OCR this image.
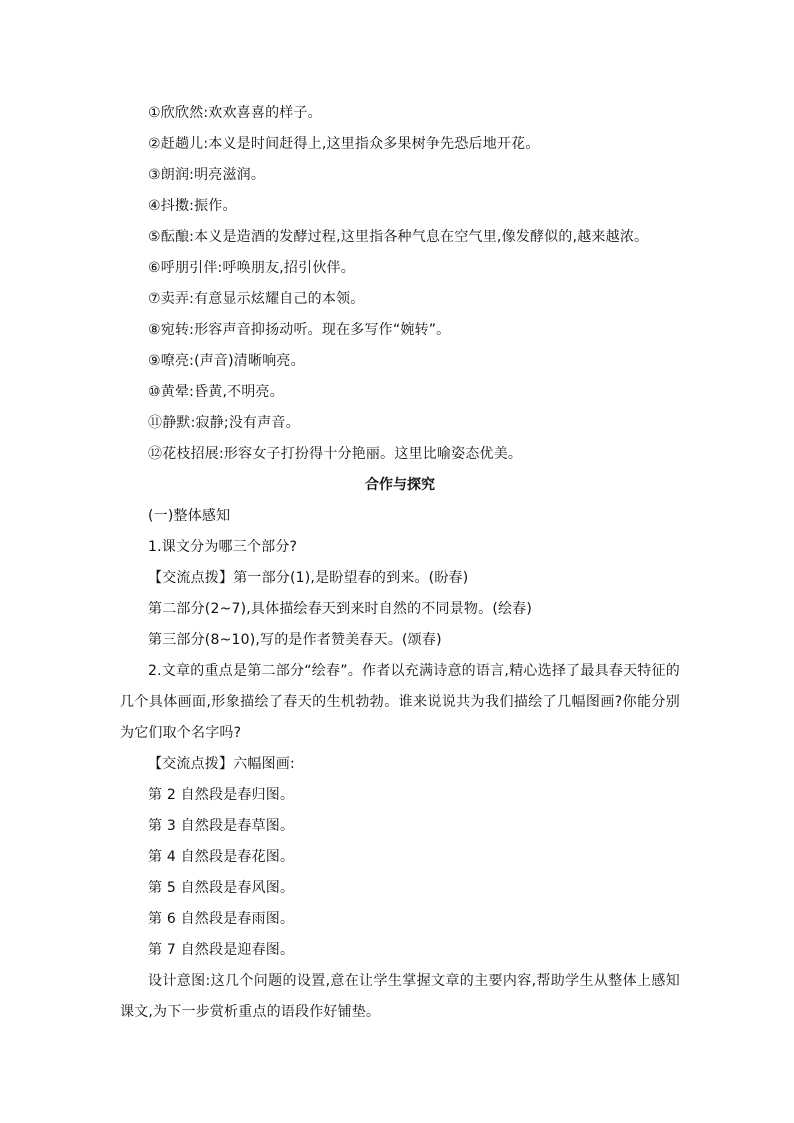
①欣欣然:欢欢喜喜的样子。
②赶趟儿:本义是时间赶得上,这里指众多果树争先恐后地开花。
③朗润:明亮滋润。
④抖擞:振作。
⑤酝酿:本义是造酒的发酵过程,这里指各种气息在空气里,像发酵似的,越来越浓。
⑥呼朋引伴:呼唤朋友,招引伙伴。
⑦卖弄:有意显示炫耀自己的本领。
⑧宛转:形容声音抑扬动听。现在多写作“婉转”。
⑨嘹亮:(声音)清晰响亮。
⑩黄晕:昏黄,不明亮。
⑪静默:寂静;没有声音。
⑫花枝招展:形容女子打扮得十分艳丽。这里比喻姿态优美。
合作与探究
(一)整体感知
1.课文分为哪三个部分?
【交流点拨】第一部分(1),是盼望春的到来。(盼春)
第二部分(2~7),具体描绘春天到来时自然的不同景物。(绘春)
第三部分(8~10),写的是作者赞美春天。(颂春)

2.文章的重点是第二部分“绘春”。作者以充满诗意的语言,精心选择了最具春天特征的几个具体画面,形象描绘了春天的生机勃勃。谁来说说共为我们描绘了几幅图画?你能分别为它们取个名字吗?

【交流点拨】六幅图画:
第 2 自然段是春归图。
第 3 自然段是春草图。
第 4 自然段是春花图。
第 5 自然段是春风图。
第 6 自然段是春雨图。
第 7 自然段是迎春图。

设计意图:这几个问题的设置,意在让学生掌握文章的主要内容,帮助学生从整体上感知课文,为下一步赏析重点的语段作好铺垫。
